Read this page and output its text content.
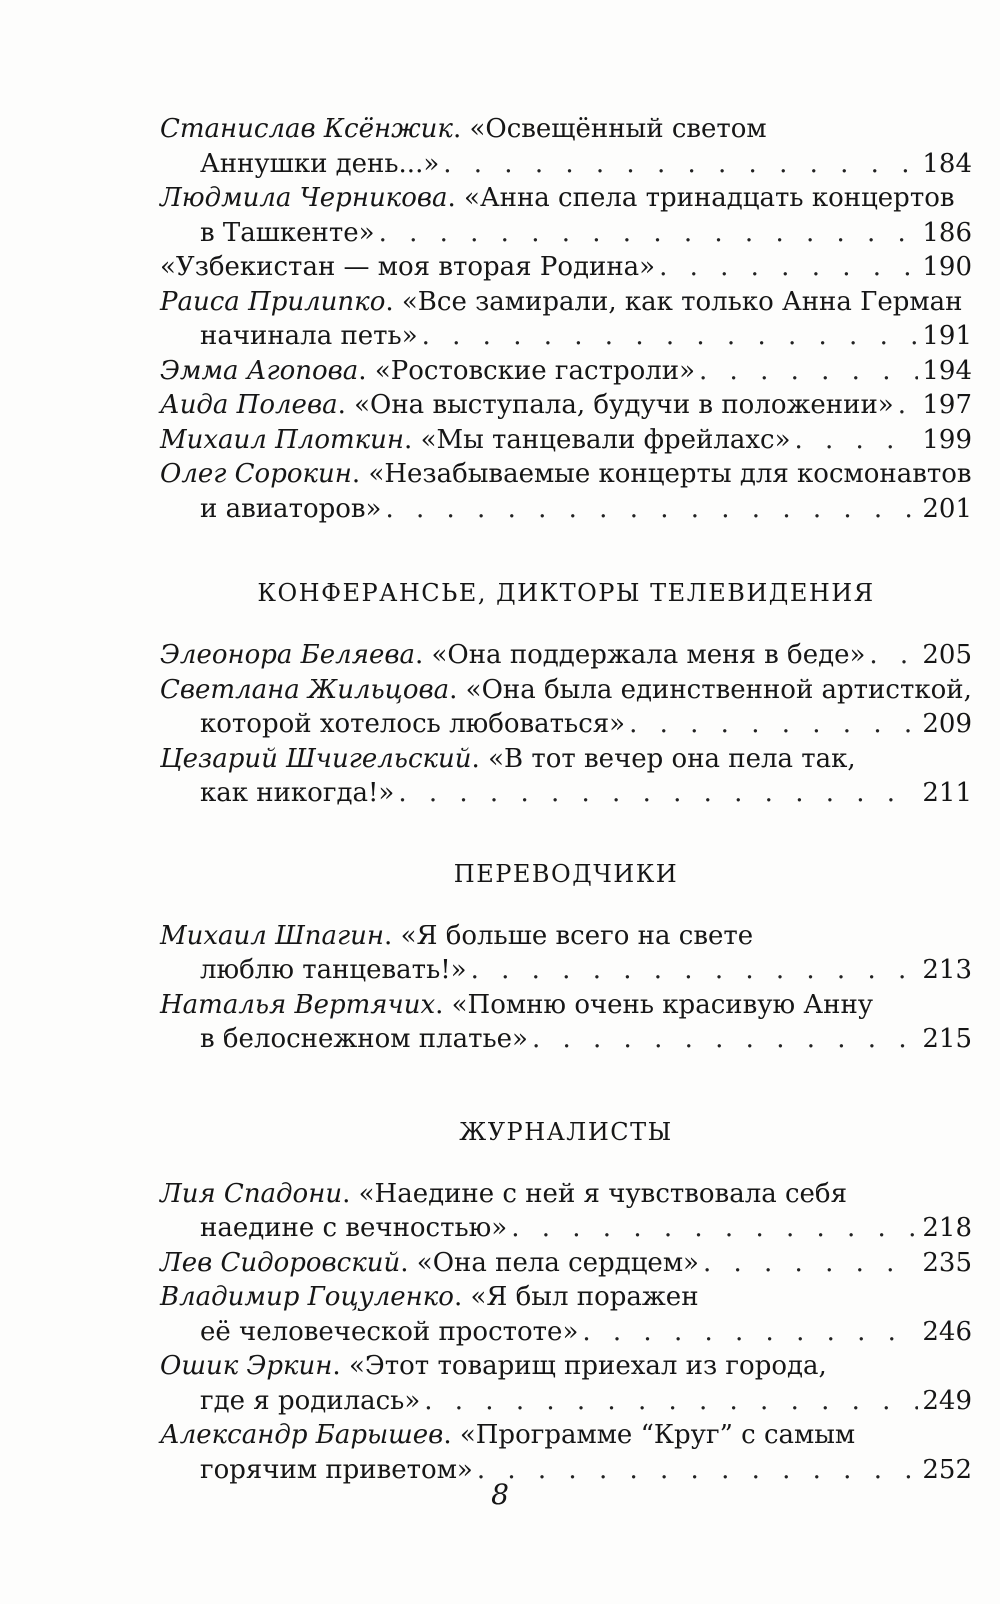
Станислав Ксёнжик . «Освещённый светом
Аннушки день...» . . .	184
Людмила Черникова . «Анна спела тринадцать концертов
в Ташкенте» . . .	186
«Узбекистан — моя вторая Родина» . . .	190
Раиса Прилипко . «Все замирали, как только Анна Герман
начинала петь» . . .	191
Эмма Агопова . «Ростовские гастроли» . . .	194
Аида Полева . «Она выступала, будучи в положении» . . . 197
Михаил Плоткин . «Мы танцевали фрейлахс» . . .	199
Олег Сорокин . «Незабываемые концерты для космонавтов
и авиаторов» . . .	201
КОНФЕРАНСЬЕ, ДИКТОРЫ ТЕЛЕВИДЕНИЯ
Элеонора Беляева . «Она поддержала меня в беде» . . . 205
Светлана Жильцова . «Она была единственной артисткой,
которой хотелось любоваться» . . .	209
Цезарий Шчигельский . «В тот вечер она пела так,
как никогда!» . . .	211
ПЕРЕВОДЧИКИ
Михаил Шпагин . «Я больше всего на свете
люблю танцевать!» . . .	213
Наталья Вертячих . «Помню очень красивую Анну
в белоснежном платье» . . .	215
ЖУРНАЛИСТЫ
Лия Спадони . «Наедине с ней я чувствовала себя
наедине с вечностью» . . .	218
Лев Сидоровский . «Она пела сердцем» . . .	235
Владимир Гоцуленко . «Я был поражен
её человеческой простоте» . . .	246
Ошик Эркин . «Этот товарищ приехал из города,
где я родилась» . . .	249
Александр Барышев . «Программе “Круг” с самым
горячим приветом» . . .	252
8
